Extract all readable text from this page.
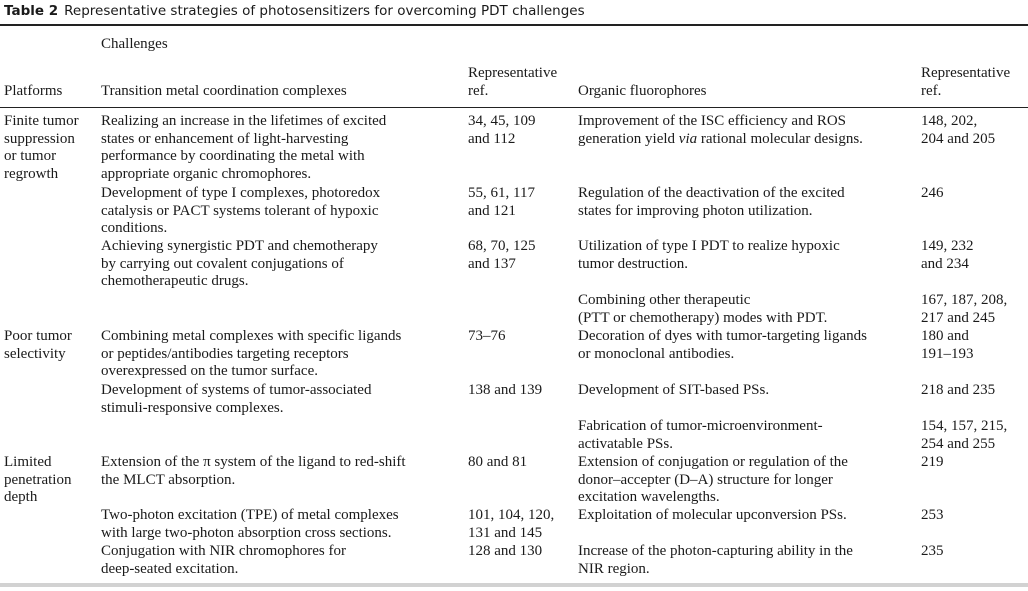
Table 2 Representative strategies of photosensitizers for overcoming PDT challenges
Challenges
Platforms	Transition metal coordination complexes	Organic fluorophores
Representative
ref.
Representative
ref.
Finite tumor
suppression
or tumor
regrowth
Poor tumor
selectivity
Limited
penetration
depth
Realizing an increase in the lifetimes of excited
states or enhancement of light-harvesting
performance by coordinating the metal with
appropriate organic chromophores.
Development of type I complexes, photoredox
catalysis or PACT systems tolerant of hypoxic
conditions.
Achieving synergistic PDT and chemotherapy
by carrying out covalent conjugations of
chemotherapeutic drugs.
Combining metal complexes with specific ligands
or peptides/antibodies targeting receptors
overexpressed on the tumor surface.
Development of systems of tumor-associated
stimuli-responsive complexes.
Extension of the π system of the ligand to red-shift
the MLCT absorption.
Two-photon excitation (TPE) of metal complexes
with large two-photon absorption cross sections.
Conjugation with NIR chromophores for
deep-seated excitation.
34, 45, 109
and 112
55, 61, 117
and 121
68, 70, 125
and 137
73–76
138 and 139
80 and 81
101, 104, 120,
131 and 145
128 and 130
Improvement of the ISC efficiency and ROS
generation yield via rational molecular designs.
Regulation of the deactivation of the excited
states for improving photon utilization.
Utilization of type I PDT to realize hypoxic
tumor destruction.
Combining other therapeutic
(PTT or chemotherapy) modes with PDT.
Decoration of dyes with tumor-targeting ligands
or monoclonal antibodies.
Development of SIT-based PSs.
Fabrication of tumor-microenvironment-
activatable PSs.
Extension of conjugation or regulation of the
donor–accepter (D–A) structure for longer
excitation wavelengths.
Exploitation of molecular upconversion PSs.
Increase of the photon-capturing ability in the
NIR region.
148, 202,
204 and 205
246
149, 232
and 234
167, 187, 208,
217 and 245
180 and
191–193
218 and 235
154, 157, 215,
254 and 255
219
253
235
